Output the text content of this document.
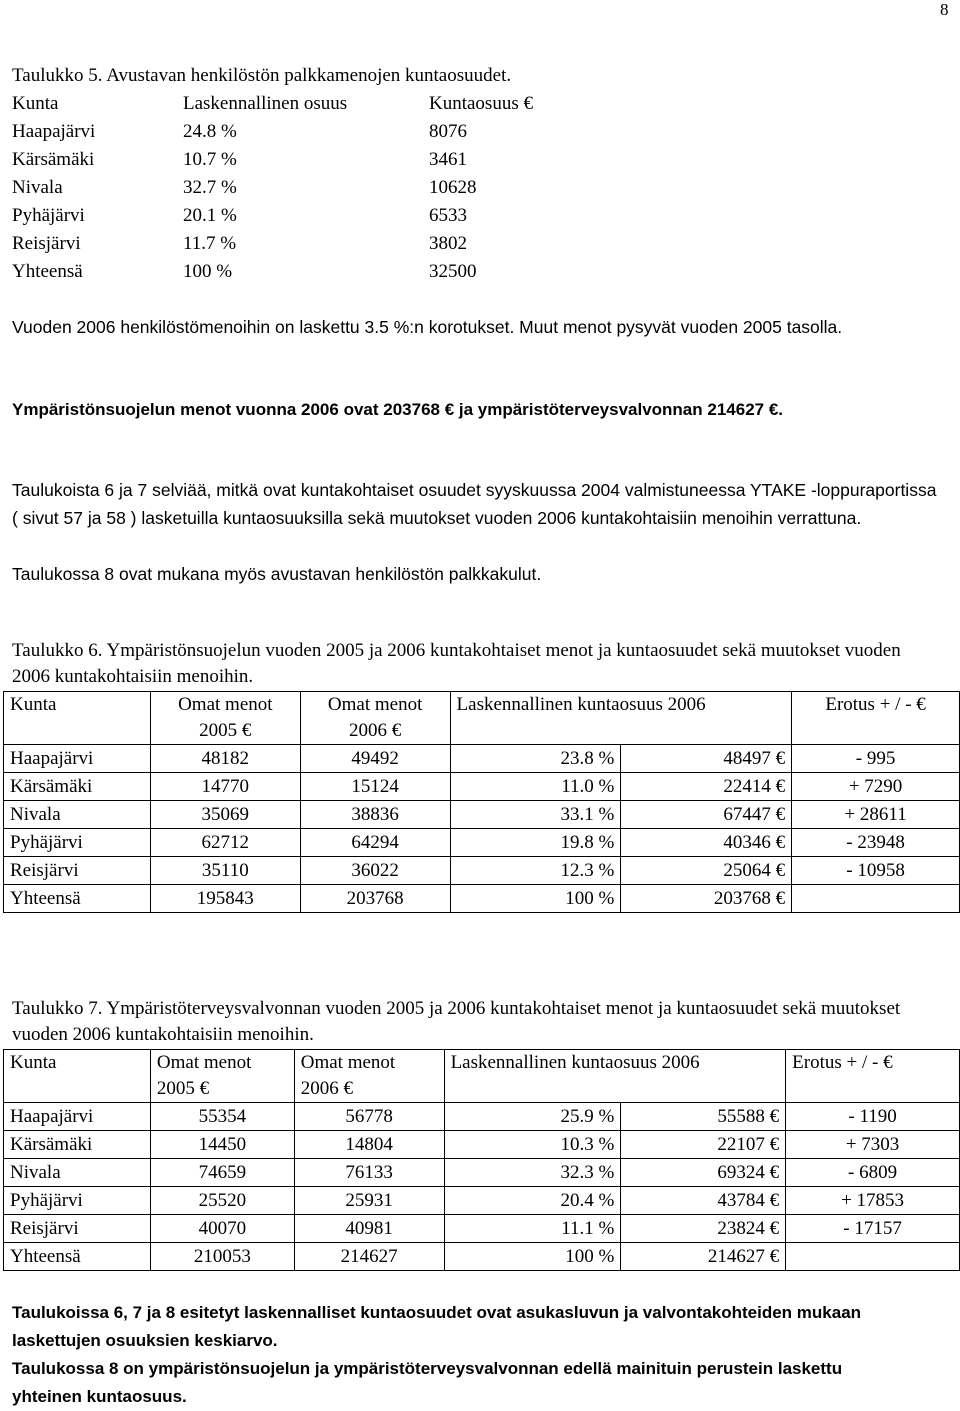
8
Taulukko 5. Avustavan henkilöstön palkkamenojen kuntaosuudet.
Kunta	Laskennallinen osuus	Kuntaosuus €
Haapajärvi	24.8 %	8076
Kärsämäki	10.7 %	3461
Nivala	32.7 %	10628
Pyhäjärvi	20.1 %	6533
Reisjärvi	11.7 %	3802
Yhteensä	100 %	32500
Vuoden 2006 henkilöstömenoihin on laskettu 3.5 %:n korotukset. Muut menot pysyvät vuoden 2005 tasolla.
Ympäristönsuojelun menot vuonna 2006 ovat 203768 € ja ympäristöterveysvalvonnan 214627 €.
Taulukoista 6 ja 7 selviää, mitkä ovat kuntakohtaiset osuudet syyskuussa 2004 valmistuneessa YTAKE -loppuraportissa ( sivut 57 ja 58 ) lasketuilla kuntaosuuksilla sekä muutokset vuoden 2006 kuntakohtaisiin menoihin verrattuna.
Taulukossa 8 ovat mukana myös avustavan henkilöstön palkkakulut.
Taulukko 6. Ympäristönsuojelun vuoden 2005 ja 2006 kuntakohtaiset menot ja kuntaosuudet sekä muutokset vuoden 2006 kuntakohtaisiin menoihin.
Kunta	Omat menot 2005 €	Omat menot 2006 €	Laskennallinen kuntaosuus 2006		Erotus + / - €
Haapajärvi	48182	49492	23.8 %	48497 €	- 995
Kärsämäki	14770	15124	11.0 %	22414 €	+ 7290
Nivala	35069	38836	33.1 %	67447 €	+ 28611
Pyhäjärvi	62712	64294	19.8 %	40346 €	- 23948
Reisjärvi	35110	36022	12.3 %	25064 €	- 10958
Yhteensä	195843	203768	100 %	203768 €	
Taulukko 7. Ympäristöterveysvalvonnan vuoden 2005 ja 2006 kuntakohtaiset menot ja kuntaosuudet sekä muutokset vuoden 2006 kuntakohtaisiin menoihin.
Kunta	Omat menot 2005 €	Omat menot 2006 €	Laskennallinen kuntaosuus 2006		Erotus + / - €
Haapajärvi	55354	56778	25.9 %	55588 €	- 1190
Kärsämäki	14450	14804	10.3 %	22107 €	+ 7303
Nivala	74659	76133	32.3 %	69324 €	- 6809
Pyhäjärvi	25520	25931	20.4 %	43784 €	+ 17853
Reisjärvi	40070	40981	11.1 %	23824 €	- 17157
Yhteensä	210053	214627	100 %	214627 €	
Taulukoissa 6, 7 ja 8 esitetyt laskennalliset kuntaosuudet ovat asukasluvun ja valvontakohteiden mukaan laskettujen osuuksien keskiarvo.
Taulukossa 8 on ympäristönsuojelun ja ympäristöterveysvalvonnan edellä mainituin perustein laskettu yhteinen kuntaosuus.
